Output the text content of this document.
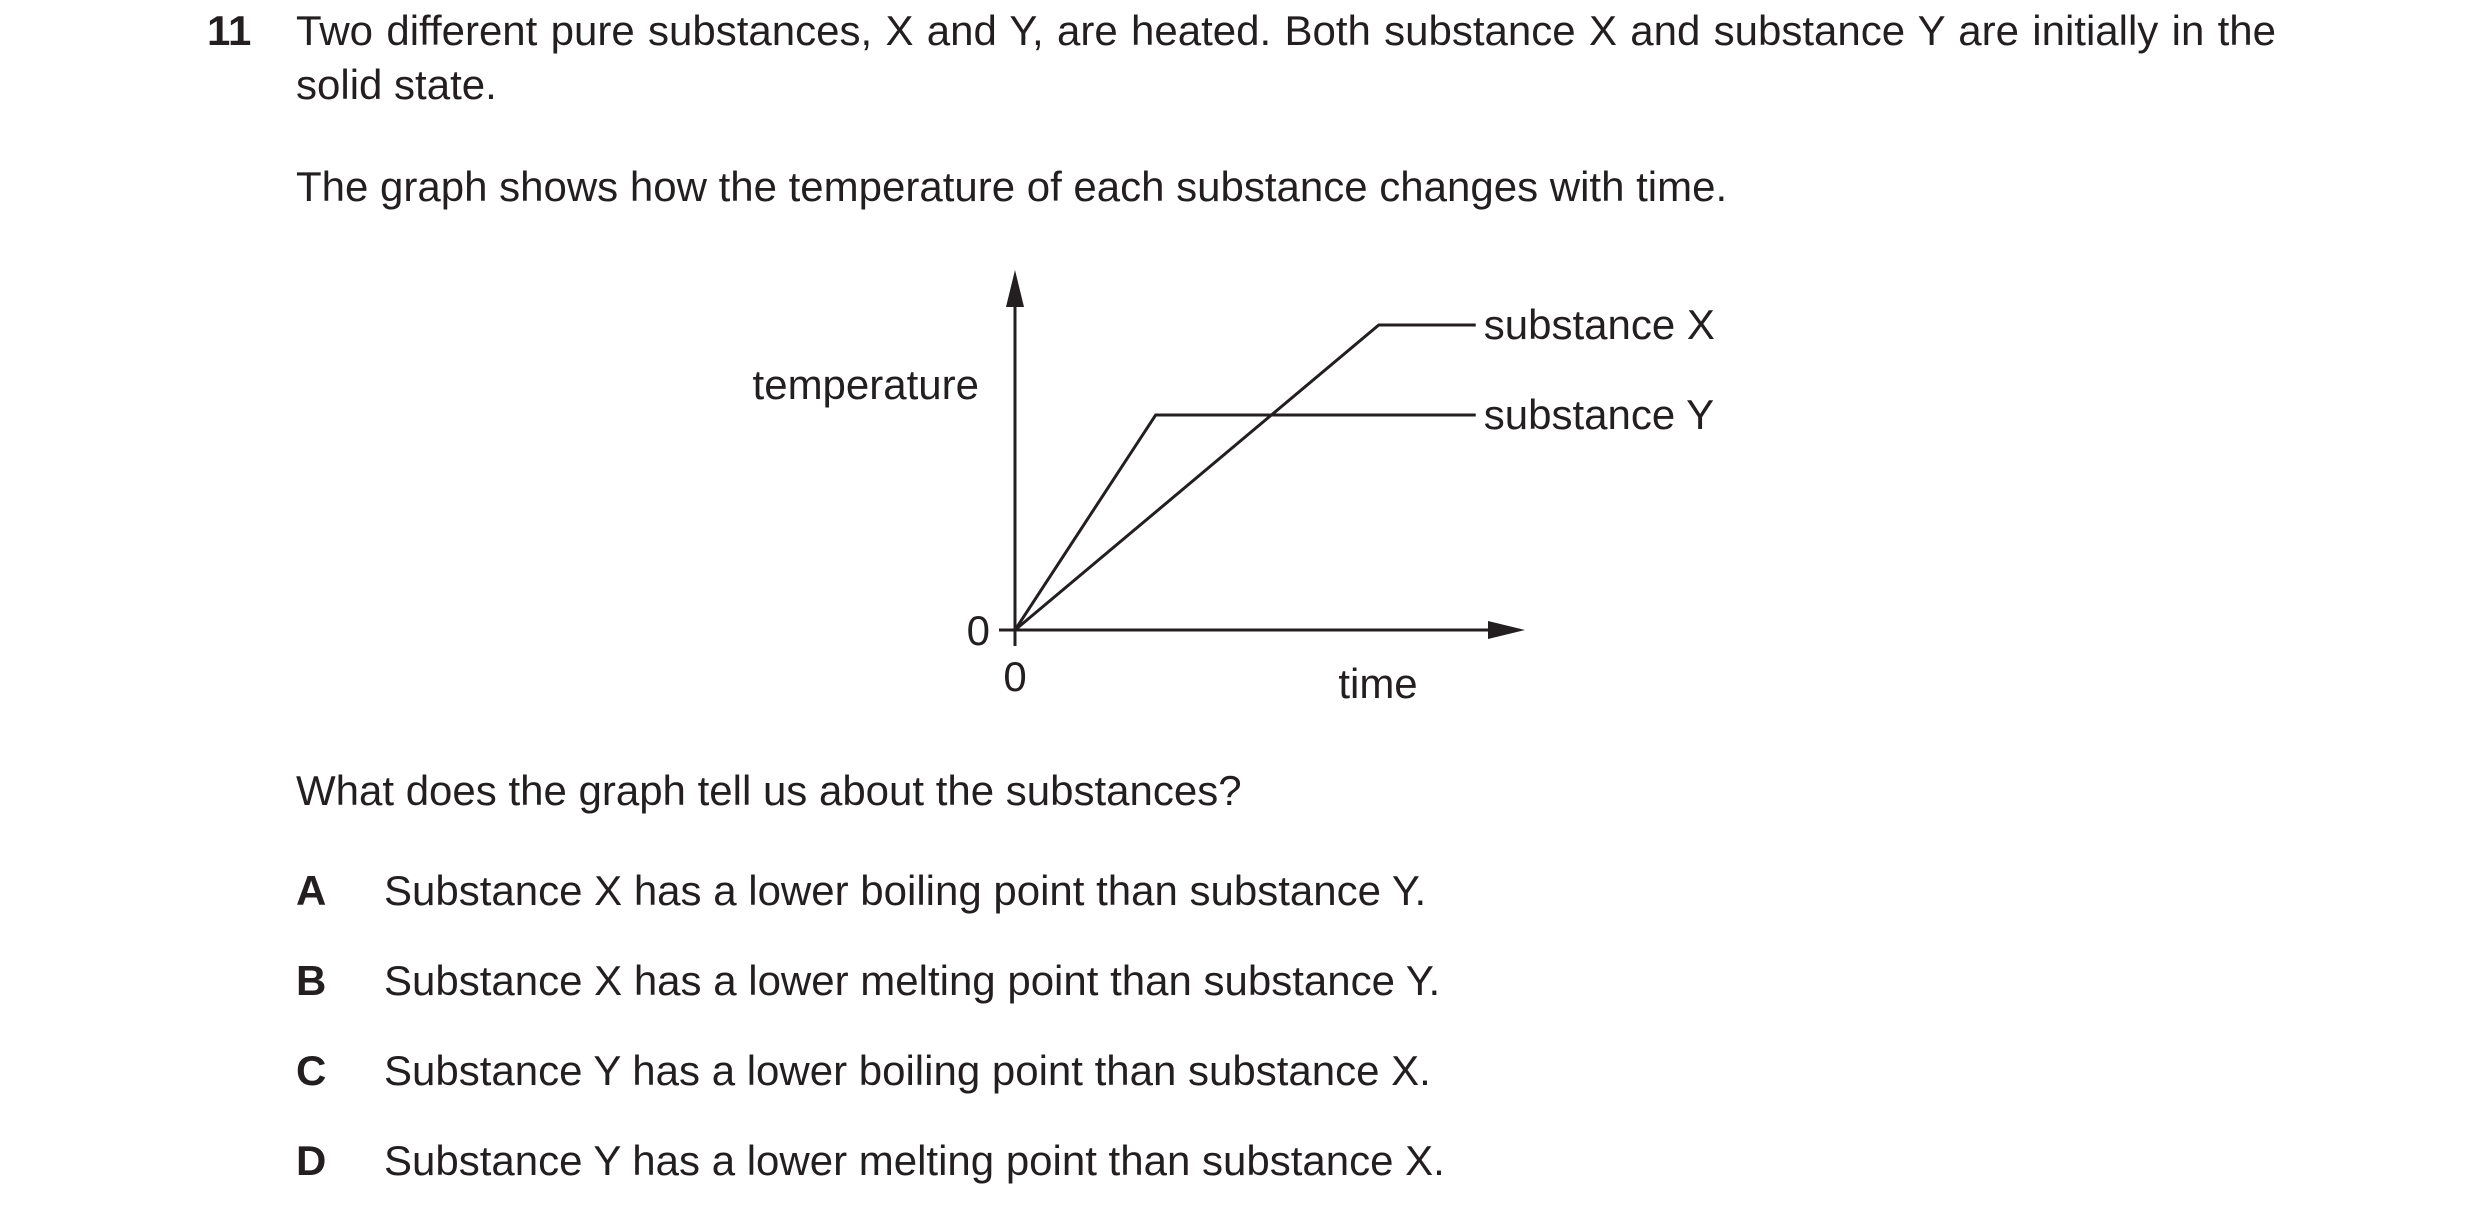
11 Two different pure substances, X and Y, are heated. Both substance X and substance Y are initially in the solid state.

The graph shows how the temperature of each substance changes with time.

substance X
substance Y
temperature
time
0
0

What does the graph tell us about the substances?

A Substance X has a lower boiling point than substance Y.
B Substance X has a lower melting point than substance Y.
C Substance Y has a lower boiling point than substance X.
D Substance Y has a lower melting point than substance X.
